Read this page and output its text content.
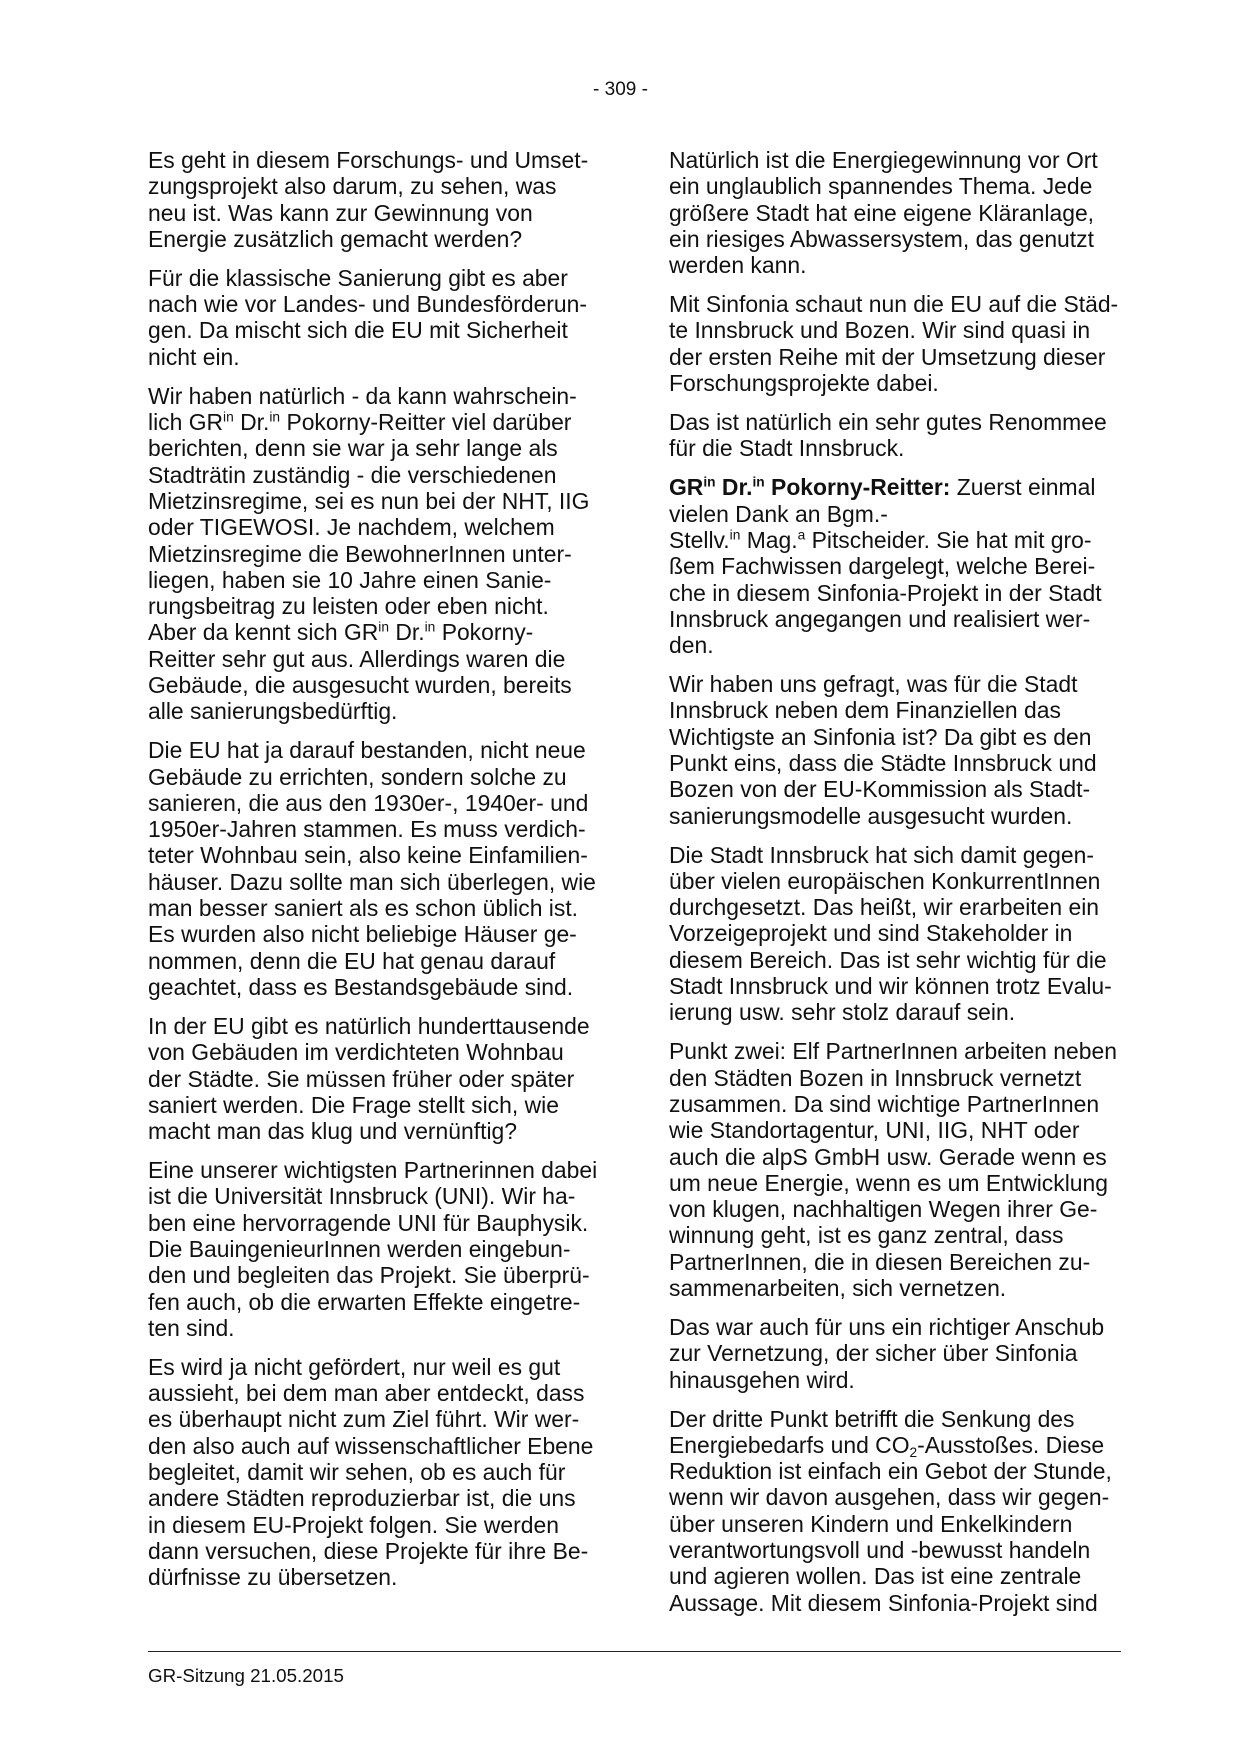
- 309 -
Es geht in diesem Forschungs- und Umset-
zungsprojekt also darum, zu sehen, was
neu ist. Was kann zur Gewinnung von
Energie zusätzlich gemacht werden?
Für die klassische Sanierung gibt es aber
nach wie vor Landes- und Bundesförderun-
gen. Da mischt sich die EU mit Sicherheit
nicht ein.
Wir haben natürlich - da kann wahrschein-
lich $GR^{in}$ Dr.$^{in}$ Pokorny-Reitter viel darüber
berichten, denn sie war ja sehr lange als
Stadträtin zuständig - die verschiedenen
Mietzinsregime, sei es nun bei der NHT, IIG
oder TIGEWOSI. Je nachdem, welchem
Mietzinsregime die BewohnerInnen unter-
liegen, haben sie 10 Jahre einen Sanie-
rungsbeitrag zu leisten oder eben nicht.
Aber da kennt sich $GR^{in}$ Dr.$^{in}$ Pokorny-
Reitter sehr gut aus. Allerdings waren die
Gebäude, die ausgesucht wurden, bereits
alle sanierungsbedürftig.
Die EU hat ja darauf bestanden, nicht neue
Gebäude zu errichten, sondern solche zu
sanieren, die aus den 1930er-, 1940er- und
1950er-Jahren stammen. Es muss verdich-
teter Wohnbau sein, also keine Einfamilien-
häuser. Dazu sollte man sich überlegen, wie
man besser saniert als es schon üblich ist.
Es wurden also nicht beliebige Häuser ge-
nommen, denn die EU hat genau darauf
geachtet, dass es Bestandsgebäude sind.
In der EU gibt es natürlich hunderttausende
von Gebäuden im verdichteten Wohnbau
der Städte. Sie müssen früher oder später
saniert werden. Die Frage stellt sich, wie
macht man das klug und vernünftig?
Eine unserer wichtigsten Partnerinnen dabei
ist die Universität Innsbruck (UNI). Wir ha-
ben eine hervorragende UNI für Bauphysik.
Die BauingenieurInnen werden eingebun-
den und begleiten das Projekt. Sie überprü-
fen auch, ob die erwarten Effekte eingetre-
ten sind.
Es wird ja nicht gefördert, nur weil es gut
aussieht, bei dem man aber entdeckt, dass
es überhaupt nicht zum Ziel führt. Wir wer-
den also auch auf wissenschaftlicher Ebene
begleitet, damit wir sehen, ob es auch für
andere Städten reproduzierbar ist, die uns
in diesem EU-Projekt folgen. Sie werden
dann versuchen, diese Projekte für ihre Be-
dürfnisse zu übersetzen.
Natürlich ist die Energiegewinnung vor Ort
ein unglaublich spannendes Thema. Jede
größere Stadt hat eine eigene Kläranlage,
ein riesiges Abwassersystem, das genutzt
werden kann.
Mit Sinfonia schaut nun die EU auf die Städ-
te Innsbruck und Bozen. Wir sind quasi in
der ersten Reihe mit der Umsetzung dieser
Forschungsprojekte dabei.
Das ist natürlich ein sehr gutes Renommee
für die Stadt Innsbruck.
$GR^{in}$ Dr.$^{in}$ Pokorny-Reitter: Zuerst einmal
vielen Dank an Bgm.-
Stellv.$^{in}$ Mag.$^a$ Pitscheider. Sie hat mit gro-
ßem Fachwissen dargelegt, welche Berei-
che in diesem Sinfonia-Projekt in der Stadt
Innsbruck angegangen und realisiert wer-
den.
Wir haben uns gefragt, was für die Stadt
Innsbruck neben dem Finanziellen das
Wichtigste an Sinfonia ist? Da gibt es den
Punkt eins, dass die Städte Innsbruck und
Bozen von der EU-Kommission als Stadt-
sanierungsmodelle ausgesucht wurden.
Die Stadt Innsbruck hat sich damit gegen-
über vielen europäischen KonkurrentInnen
durchgesetzt. Das heißt, wir erarbeiten ein
Vorzeigeprojekt und sind Stakeholder in
diesem Bereich. Das ist sehr wichtig für die
Stadt Innsbruck und wir können trotz Evalu-
ierung usw. sehr stolz darauf sein.
Punkt zwei: Elf PartnerInnen arbeiten neben
den Städten Bozen in Innsbruck vernetzt
zusammen. Da sind wichtige PartnerInnen
wie Standortagentur, UNI, IIG, NHT oder
auch die alpS GmbH usw. Gerade wenn es
um neue Energie, wenn es um Entwicklung
von klugen, nachhaltigen Wegen ihrer Ge-
winnung geht, ist es ganz zentral, dass
PartnerInnen, die in diesen Bereichen zu-
sammenarbeiten, sich vernetzen.
Das war auch für uns ein richtiger Anschub
zur Vernetzung, der sicher über Sinfonia
hinausgehen wird.
Der dritte Punkt betrifft die Senkung des
Energiebedarfs und $CO_2$-Ausstoßes. Diese
Reduktion ist einfach ein Gebot der Stunde,
wenn wir davon ausgehen, dass wir gegen-
über unseren Kindern und Enkelkindern
verantwortungsvoll und -bewusst handeln
und agieren wollen. Das ist eine zentrale
Aussage. Mit diesem Sinfonia-Projekt sind
GR-Sitzung 21.05.2015
